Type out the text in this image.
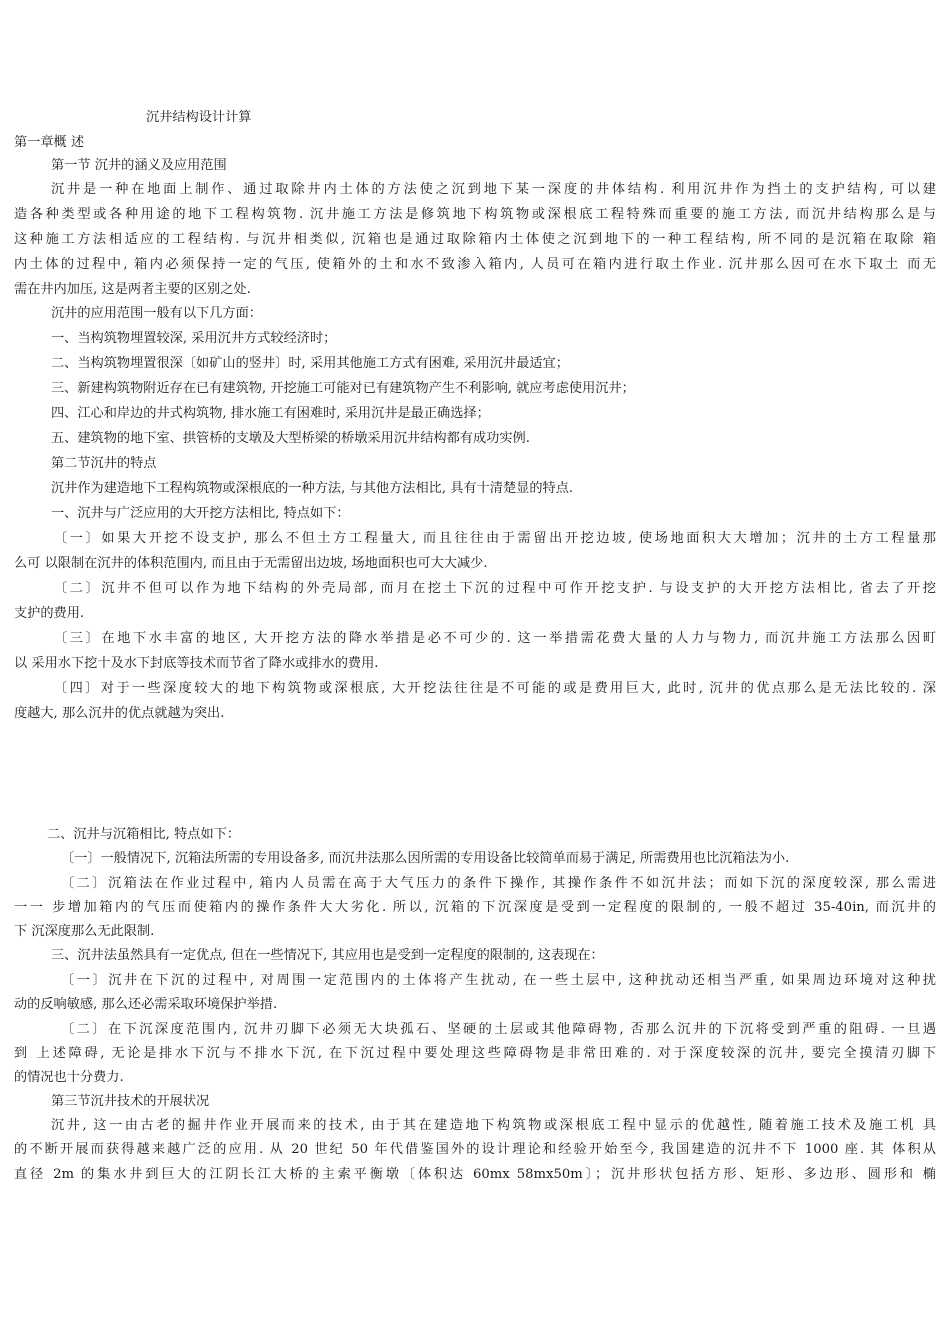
沉井结构设计计算
第一章概 述
第一节 沉井的涵义及应用范围
沉井是一种在地面上制作、通过取除井内土体的方法使之沉到地下某一深度的井体结构. 利用沉井作为挡土的支护结构, 可以建
造各种类型或各种用途的地下工程构筑物. 沉井施工方法是修筑地下构筑物或深根底工程特殊而重要的施工方法, 而沉井结构那么是与
这种施工方法相适应的工程结构. 与沉井相类似, 沉箱也是通过取除箱内土体使之沉到地下的一种工程结构, 所不同的是沉箱在取除 箱
内土体的过程中, 箱内必须保持一定的气压, 使箱外的土和水不致渗入箱内, 人员可在箱内进行取土作业. 沉井那么因可在水下取土 而无
需在井内加压, 这是两者主要的区别之处.
沉井的应用范围一般有以下几方面：
一、当构筑物埋置较深, 采用沉井方式较经济时；
二、当构筑物埋置很深〔如矿山的竖井〕时, 采用其他施工方式有困难, 采用沉井最适宜；
三、新建构筑物附近存在已有建筑物, 开挖施工可能对已有建筑物产生不利影响, 就应考虑使用沉井；
四、江心和岸边的井式构筑物, 排水施工有困难时, 采用沉井是最正确选择；
五、建筑物的地下室、拱管桥的支墩及大型桥梁的桥墩采用沉井结构都有成功实例.
第二节沉井的特点
沉井作为建造地下工程构筑物或深根底的一种方法, 与其他方法相比, 具有十清楚显的特点.
一、沉井与广泛应用的大开挖方法相比, 特点如下：
〔一〕如果大开挖不设支护, 那么不但土方工程量大, 而且往往由于需留出开挖边坡, 使场地面积大大增加；沉井的土方工程量那
么可 以限制在沉井的体积范围内, 而且由于无需留出边坡, 场地面积也可大大减少.
〔二〕沉井不但可以作为地下结构的外壳局部, 而月在挖土下沉的过程中可作开挖支护. 与设支护的大开挖方法相比, 省去了开挖
支护的费用.
〔三〕在地下水丰富的地区, 大开挖方法的降水举措是必不可少的. 这一举措需花费大量的人力与物力, 而沉井施工方法那么因町
以 采用水下挖十及水下封底等技术而节省了降水或排水的费用.
〔四〕对于一些深度较大的地下构筑物或深根底, 大开挖法往往是不可能的或是费用巨大, 此时, 沉井的优点那么是无法比较的. 深
度越大, 那么沉井的优点就越为突出.
二、沉井与沉箱相比, 特点如下：
〔一〕一般情况下, 沉箱法所需的专用设备多, 而沉井法那么因所需的专用设备比较简单而易于满足, 所需费用也比沉箱法为小.
〔二〕沉箱法在作业过程中, 箱内人员需在高于大气压力的条件下操作, 其操作条件不如沉井法；而如下沉的深度较深, 那么需进
一一 步增加箱内的气压而使箱内的操作条件大大劣化. 所以, 沉箱的下沉深度是受到一定程度的限制的, 一般不超过 35-40in, 而沉井的
下 沉深度那么无此限制.
三、沉井法虽然具有一定优点, 但在一些情况下, 其应用也是受到一定程度的限制的, 这表现在：
〔一〕沉井在下沉的过程中, 对周围一定范围内的土体将产生扰动, 在一些土层中, 这种扰动还相当严重, 如果周边环境对这种扰
动的反响敏感, 那么还必需采取环境保护举措.
〔二〕在下沉深度范围内, 沉井刃脚下必须无大块孤石、坚硬的土层或其他障碍物, 否那么沉井的下沉将受到严重的阻碍. 一旦遇
到 上述障碍, 无论是排水下沉与不排水下沉, 在下沉过程中要处理这些障碍物是非常田难的. 对于深度较深的沉井, 要完全摸清刃脚下
的情况也十分费力.
第三节沉井技术的开展状况
沉井, 这一由古老的掘井作业开展而来的技术, 由于其在建造地下构筑物或深根底工程中显示的优越性, 随着施工技术及施工机 具
的不断开展而获得越来越广泛的应用. 从 20 世纪 50 年代借鉴国外的设计理论和经验开始至今, 我国建造的沉井不下 1000 座. 其 体积从
直径 2m 的集水井到巨大的江阴长江大桥的主索平衡墩〔体积达 60mx 58mx50m〕；沉井形状包括方形、矩形、多边形、圆形和 椭
